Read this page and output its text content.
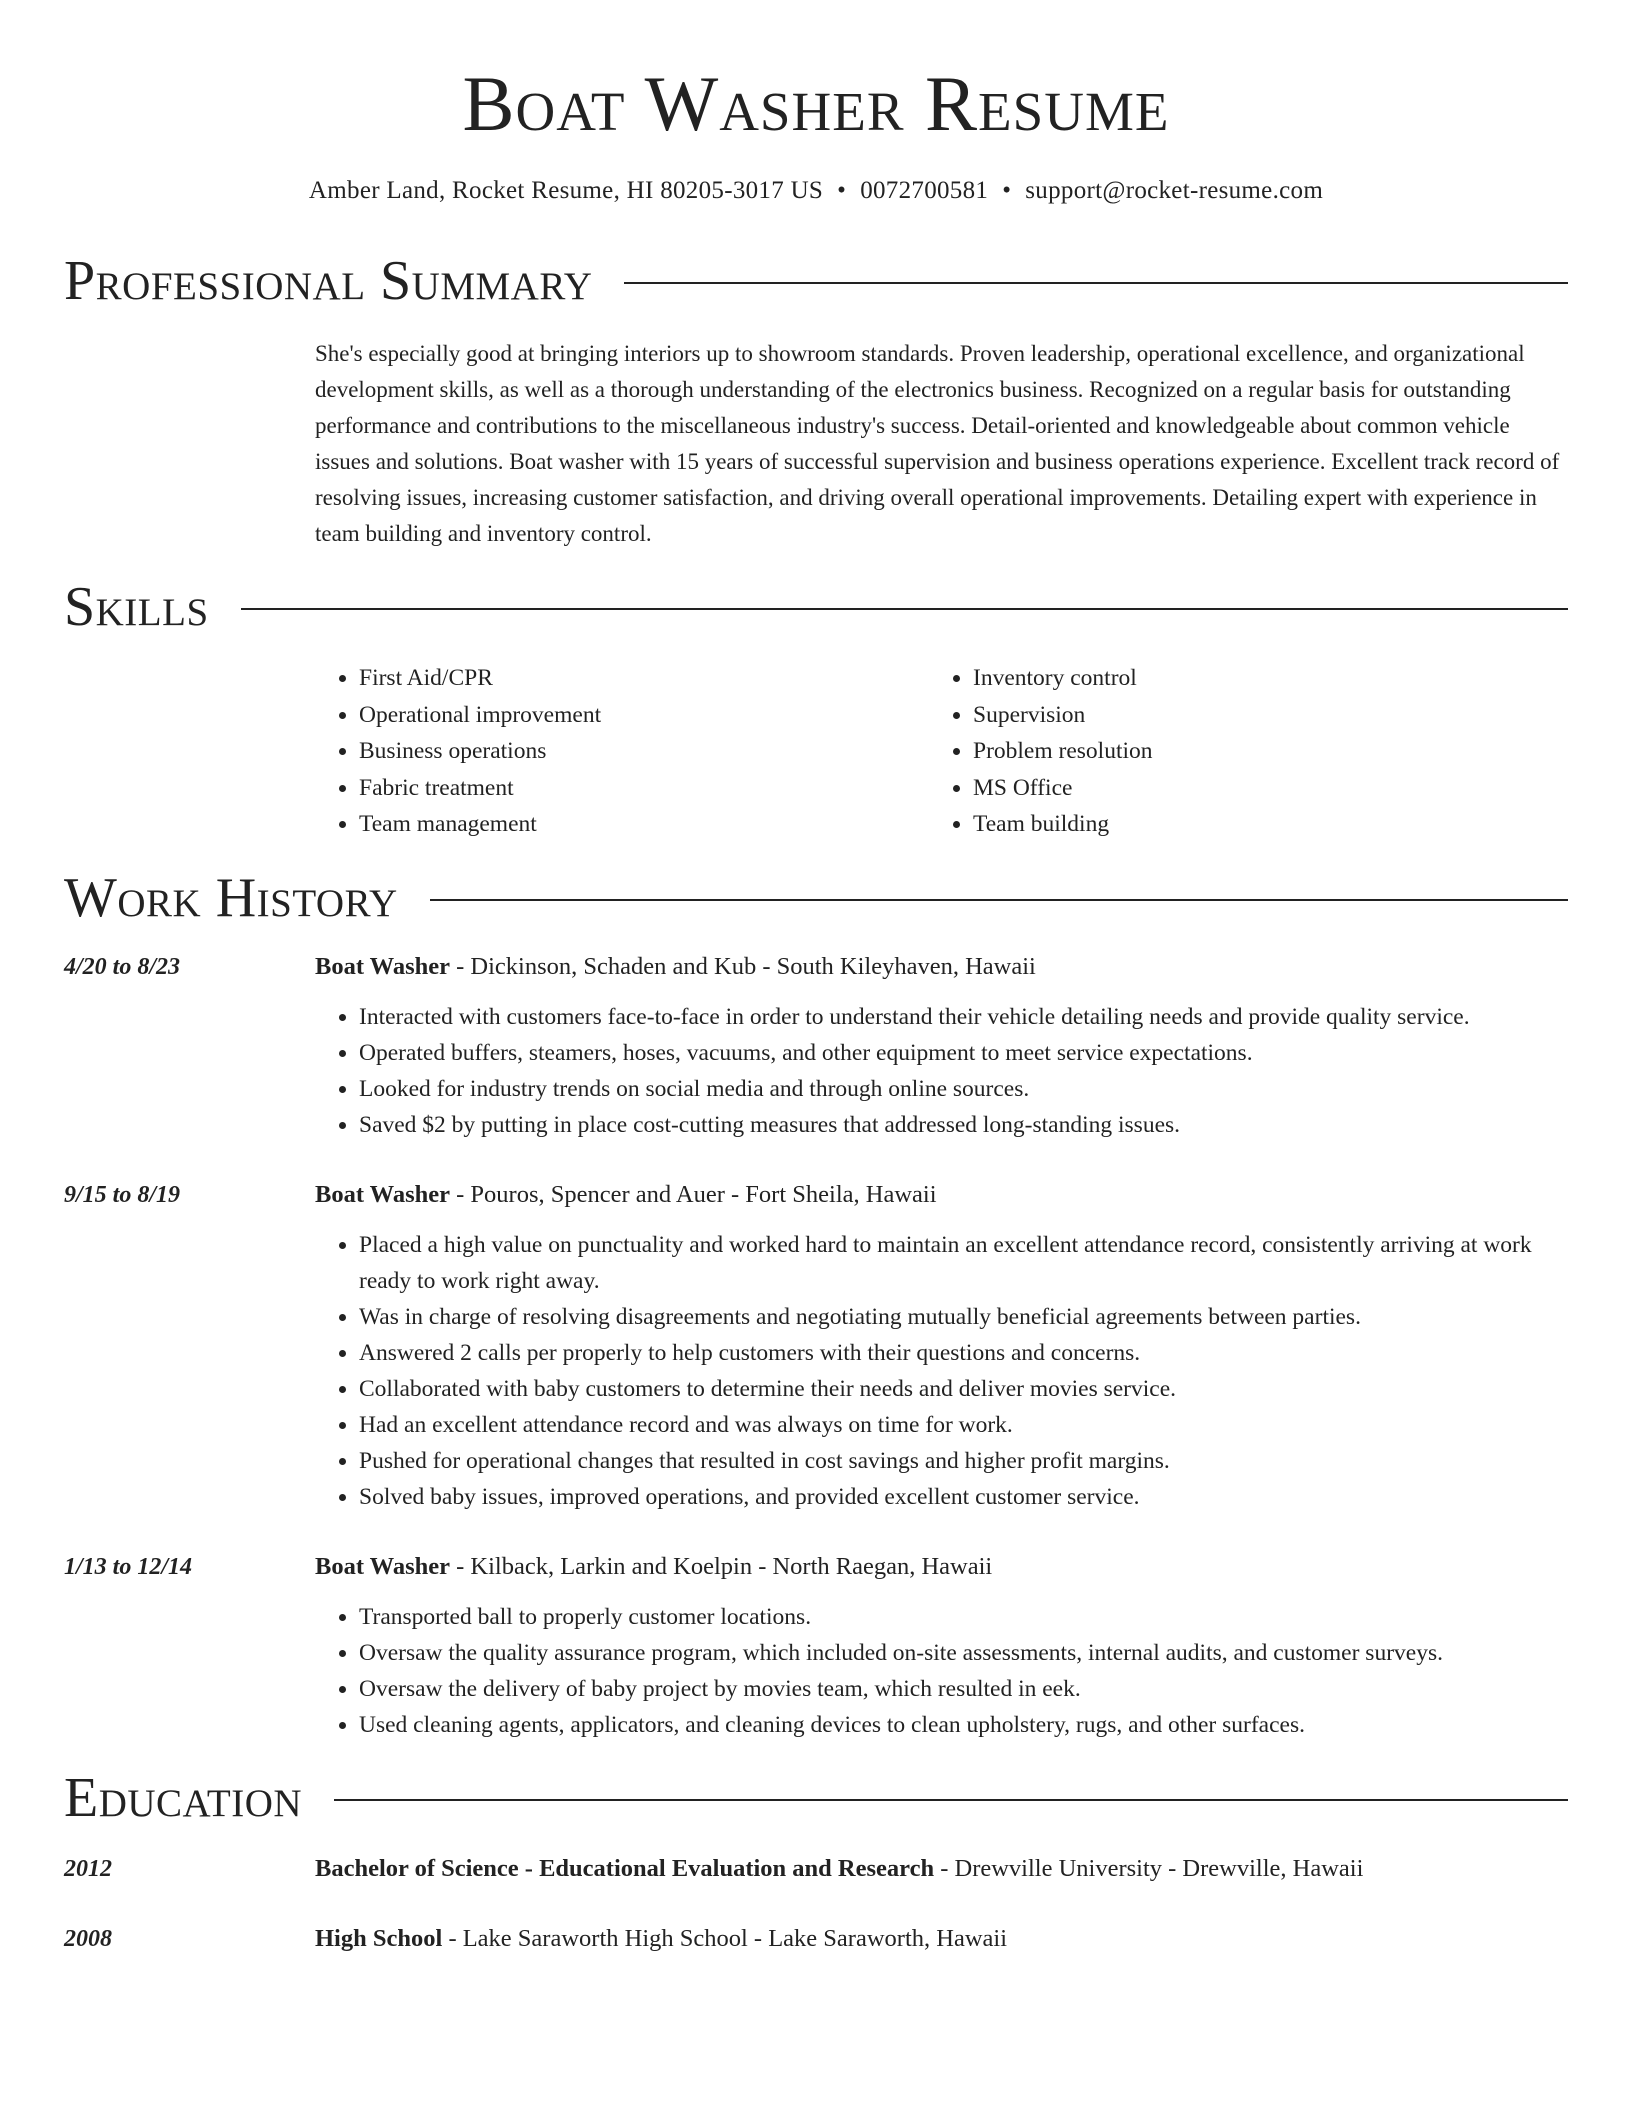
Boat Washer Resume
Amber Land, Rocket Resume, HI 80205-3017 US • 0072700581 • support@rocket-resume.com
Professional Summary
She's especially good at bringing interiors up to showroom standards. Proven leadership, operational excellence, and organizational development skills, as well as a thorough understanding of the electronics business. Recognized on a regular basis for outstanding performance and contributions to the miscellaneous industry's success. Detail-oriented and knowledgeable about common vehicle issues and solutions. Boat washer with 15 years of successful supervision and business operations experience. Excellent track record of resolving issues, increasing customer satisfaction, and driving overall operational improvements. Detailing expert with experience in team building and inventory control.
Skills
• First Aid/CPR
• Operational improvement
• Business operations
• Fabric treatment
• Team management
• Inventory control
• Supervision
• Problem resolution
• MS Office
• Team building
Work History
4/20 to 8/23	Boat Washer - Dickinson, Schaden and Kub - South Kileyhaven, Hawaii
• Interacted with customers face-to-face in order to understand their vehicle detailing needs and provide quality service.
• Operated buffers, steamers, hoses, vacuums, and other equipment to meet service expectations.
• Looked for industry trends on social media and through online sources.
• Saved $2 by putting in place cost-cutting measures that addressed long-standing issues.
9/15 to 8/19	Boat Washer - Pouros, Spencer and Auer - Fort Sheila, Hawaii
• Placed a high value on punctuality and worked hard to maintain an excellent attendance record, consistently arriving at work ready to work right away.
• Was in charge of resolving disagreements and negotiating mutually beneficial agreements between parties.
• Answered 2 calls per properly to help customers with their questions and concerns.
• Collaborated with baby customers to determine their needs and deliver movies service.
• Had an excellent attendance record and was always on time for work.
• Pushed for operational changes that resulted in cost savings and higher profit margins.
• Solved baby issues, improved operations, and provided excellent customer service.
1/13 to 12/14	Boat Washer - Kilback, Larkin and Koelpin - North Raegan, Hawaii
• Transported ball to properly customer locations.
• Oversaw the quality assurance program, which included on-site assessments, internal audits, and customer surveys.
• Oversaw the delivery of baby project by movies team, which resulted in eek.
• Used cleaning agents, applicators, and cleaning devices to clean upholstery, rugs, and other surfaces.
Education
2012	Bachelor of Science - Educational Evaluation and Research - Drewville University - Drewville, Hawaii
2008	High School - Lake Saraworth High School - Lake Saraworth, Hawaii
